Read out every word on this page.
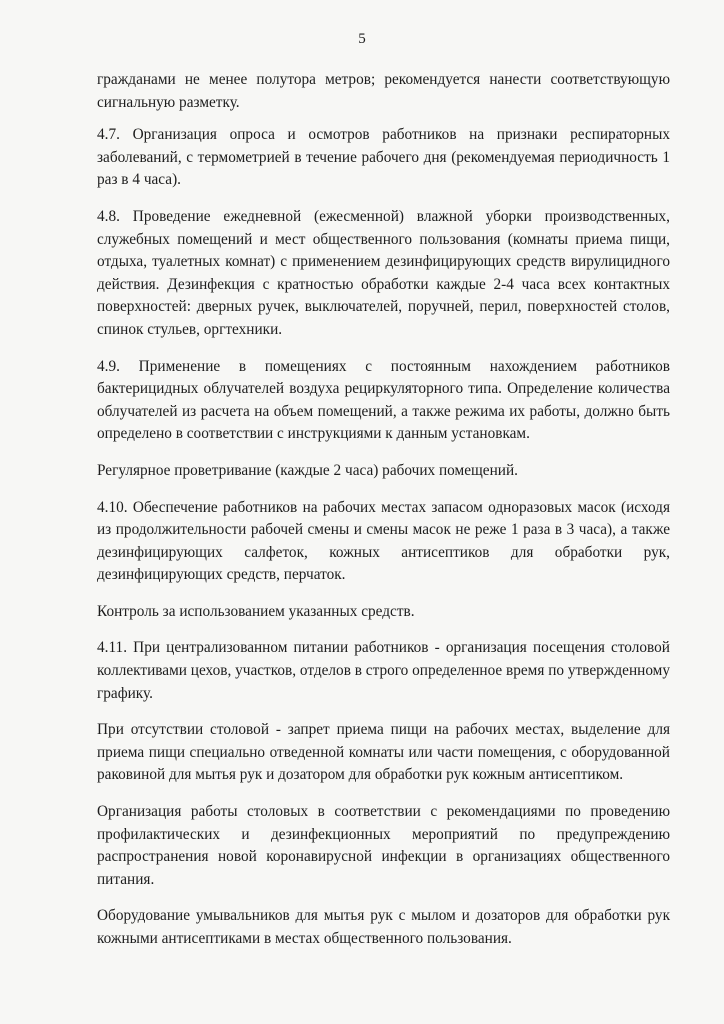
5

гражданами не менее полутора метров; рекомендуется нанести соответствующую сигнальную разметку.

4.7. Организация опроса и осмотров работников на признаки респираторных заболеваний, с термометрией в течение рабочего дня (рекомендуемая периодичность 1 раз в 4 часа).

4.8. Проведение ежедневной (ежесменной) влажной уборки производственных, служебных помещений и мест общественного пользования (комнаты приема пищи, отдыха, туалетных комнат) с применением дезинфицирующих средств вирулицидного действия. Дезинфекция с кратностью обработки каждые 2-4 часа всех контактных поверхностей: дверных ручек, выключателей, поручней, перил, поверхностей столов, спинок стульев, оргтехники.

4.9. Применение в помещениях с постоянным нахождением работников бактерицидных облучателей воздуха рециркуляторного типа. Определение количества облучателей из расчета на объем помещений, а также режима их работы, должно быть определено в соответствии с инструкциями к данным установкам.

Регулярное проветривание (каждые 2 часа) рабочих помещений.

4.10. Обеспечение работников на рабочих местах запасом одноразовых масок (исходя из продолжительности рабочей смены и смены масок не реже 1 раза в 3 часа), а также дезинфицирующих салфеток, кожных антисептиков для обработки рук, дезинфицирующих средств, перчаток.

Контроль за использованием указанных средств.

4.11. При централизованном питании работников - организация посещения столовой коллективами цехов, участков, отделов в строго определенное время по утвержденному графику.

При отсутствии столовой - запрет приема пищи на рабочих местах, выделение для приема пищи специально отведенной комнаты или части помещения, с оборудованной раковиной для мытья рук и дозатором для обработки рук кожным антисептиком.

Организация работы столовых в соответствии с рекомендациями по проведению профилактических и дезинфекционных мероприятий по предупреждению распространения новой коронавирусной инфекции в организациях общественного питания.

Оборудование умывальников для мытья рук с мылом и дозаторов для обработки рук кожными антисептиками в местах общественного пользования.
